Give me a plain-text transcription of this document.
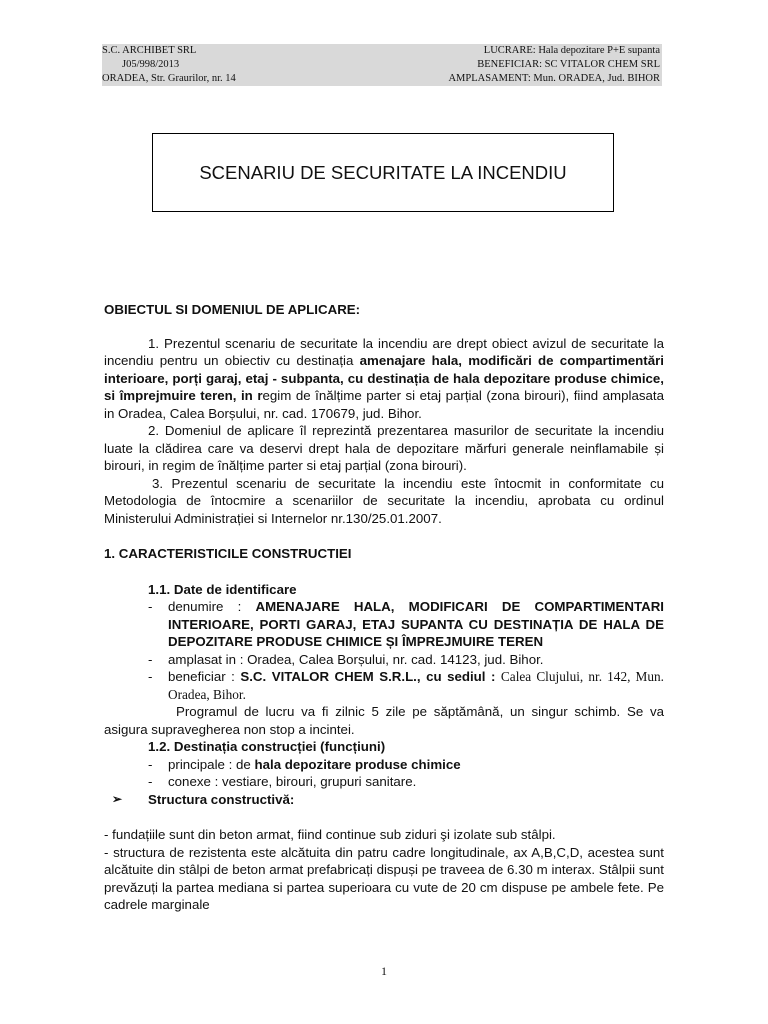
S.C. ARCHIBET SRL
J05/998/2013
ORADEA, Str. Graurilor, nr. 14
LUCRARE: Hala depozitare P+E supanta
BENEFICIAR: SC VITALOR CHEM SRL
AMPLASAMENT: Mun. ORADEA, Jud. BIHOR
SCENARIU DE SECURITATE LA INCENDIU

OBIECTUL SI DOMENIUL DE APLICARE:

1. Prezentul scenariu de securitate la incendiu are drept obiect avizul de securitate la incendiu pentru un obiectiv cu destinația amenajare hala, modificări de compartimentări interioare, porți garaj, etaj - subpanta, cu destinația de hala depozitare produse chimice, si împrejmuire teren, in regim de înălțime parter si etaj parțial (zona birouri), fiind amplasata in Oradea, Calea Borșului, nr. cad. 170679, jud. Bihor.

2. Domeniul de aplicare îl reprezintă prezentarea masurilor de securitate la incendiu luate la clădirea care va deservi drept hala de depozitare mărfuri generale neinflamabile și birouri, in regim de înălțime parter si etaj parțial (zona birouri).

3. Prezentul scenariu de securitate la incendiu este întocmit in conformitate cu Metodologia de întocmire a scenariilor de securitate la incendiu, aprobata cu ordinul Ministerului Administrației si Internelor nr.130/25.01.2007.

1. CARACTERISTICILE CONSTRUCTIEI

1.1. Date de identificare

- denumire : AMENAJARE HALA, MODIFICARI DE COMPARTIMENTARI INTERIOARE, PORTI GARAJ, ETAJ SUPANTA CU DESTINAȚIA DE HALA DE DEPOZITARE PRODUSE CHIMICE ȘI ÎMPREJMUIRE TEREN
- amplasat in : Oradea, Calea Borșului, nr. cad. 14123, jud. Bihor.
- beneficiar : S.C. VITALOR CHEM S.R.L., cu sediul : Calea Clujului, nr. 142, Mun. Oradea, Bihor.

Programul de lucru va fi zilnic 5 zile pe săptămână, un singur schimb. Se va asigura supravegherea non stop a incintei.

1.2. Destinația construcției (funcțiuni)

- principale : de hala depozitare produse chimice
- conexe : vestiare, birouri, grupuri sanitare.
➢ Structura constructivă:

- fundațiile sunt din beton armat, fiind continue sub ziduri şi izolate sub stâlpi.

- structura de rezistenta este alcătuita din patru cadre longitudinale, ax A,B,C,D, acestea sunt alcătuite din stâlpi de beton armat prefabricați dispuși pe traveea de 6.30 m interax. Stâlpii sunt prevăzuți la partea mediana si partea superioara cu vute de 20 cm dispuse pe ambele fete. Pe cadrele marginale

1
